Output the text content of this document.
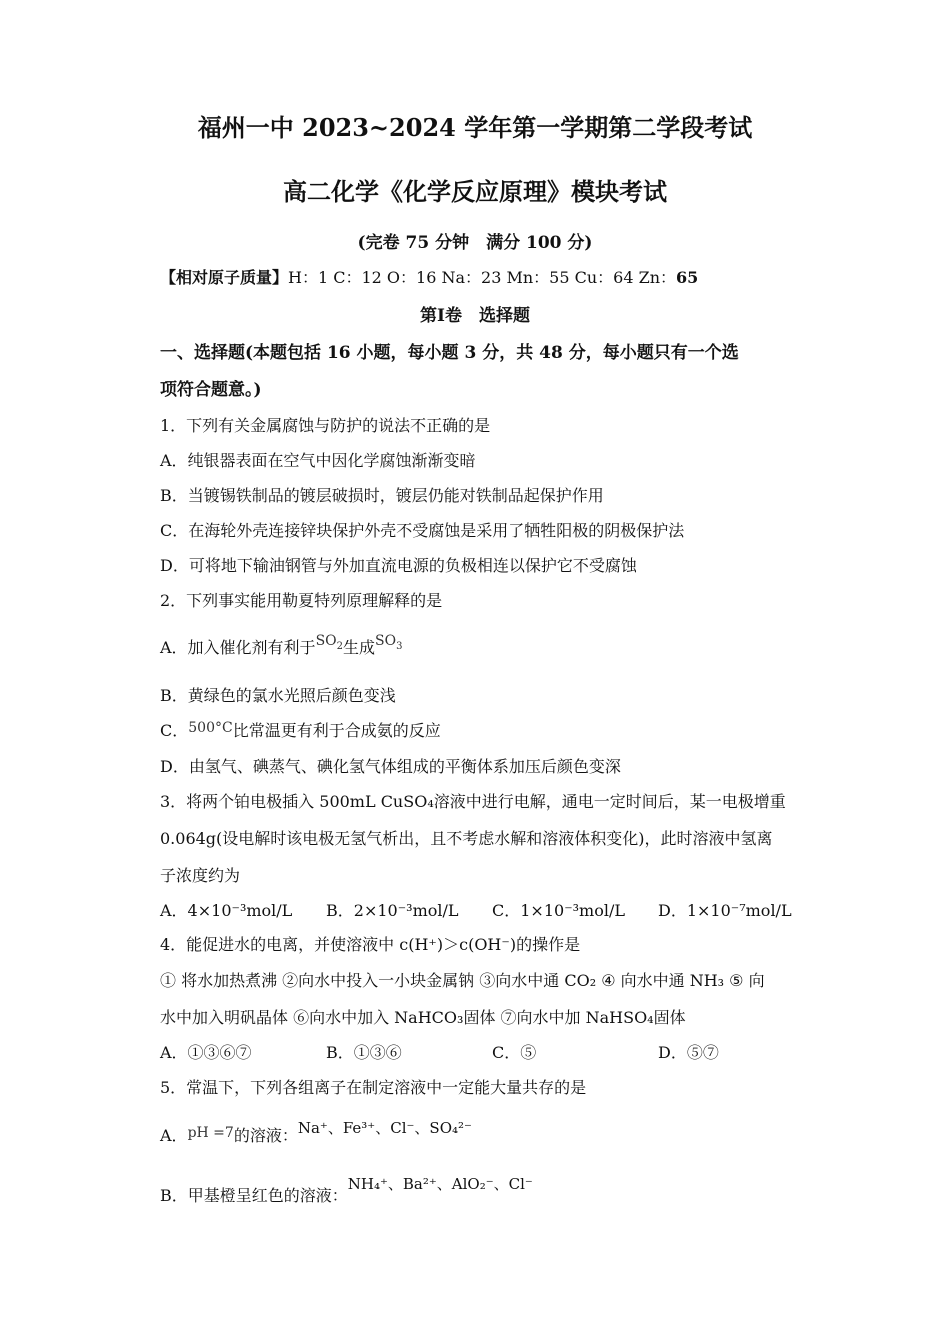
福州一中 2023~2024 学年第一学期第二学段考试
高二化学《化学反应原理》模块考试
(完卷 75 分钟　满分 100 分)
【相对原子质量】H：1 C：12 O：16 Na：23 Mn：55 Cu：64 Zn：65
第Ⅰ卷　选择题
一、选择题(本题包括 16 小题，每小题 3 分，共 48 分，每小题只有一个选
项符合题意。)
1．下列有关金属腐蚀与防护的说法不正确的是
A．纯银器表面在空气中因化学腐蚀渐渐变暗
B．当镀锡铁制品的镀层破损时，镀层仍能对铁制品起保护作用
C．在海轮外壳连接锌块保护外壳不受腐蚀是采用了牺牲阳极的阴极保护法
D．可将地下输油钢管与外加直流电源的负极相连以保护它不受腐蚀
2．下列事实能用勒夏特列原理解释的是
A．加入催化剂有利于$SO_2$生成$SO_3$
B．黄绿色的氯水光照后颜色变浅
C．500°C比常温更有利于合成氨的反应
D．由氢气、碘蒸气、碘化氢气体组成的平衡体系加压后颜色变深
3．将两个铂电极插入 500mL CuSO₄溶液中进行电解，通电一定时间后，某一电极增重
0.064g(设电解时该电极无氢气析出，且不考虑水解和溶液体积变化)，此时溶液中氢离
子浓度约为
A．4×10⁻³mol/L B．2×10⁻³mol/L C．1×10⁻³mol/L D．1×10⁻⁷mol/L
4．能促进水的电离，并使溶液中 c(H⁺)＞c(OH⁻)的操作是
① 将水加热煮沸 ②向水中投入一小块金属钠 ③向水中通 CO₂ ④ 向水中通 NH₃ ⑤ 向
水中加入明矾晶体 ⑥向水中加入 NaHCO₃固体 ⑦向水中加 NaHSO₄固体
A．①③⑥⑦	B．①③⑥	C．⑤	D．⑤⑦
5．常温下，下列各组离子在制定溶液中一定能大量共存的是
A．pH =7的溶液：Na⁺、Fe³⁺、Cl⁻、SO₄²⁻
B．甲基橙呈红色的溶液：NH₄⁺、Ba²⁺、AlO₂⁻、Cl⁻
